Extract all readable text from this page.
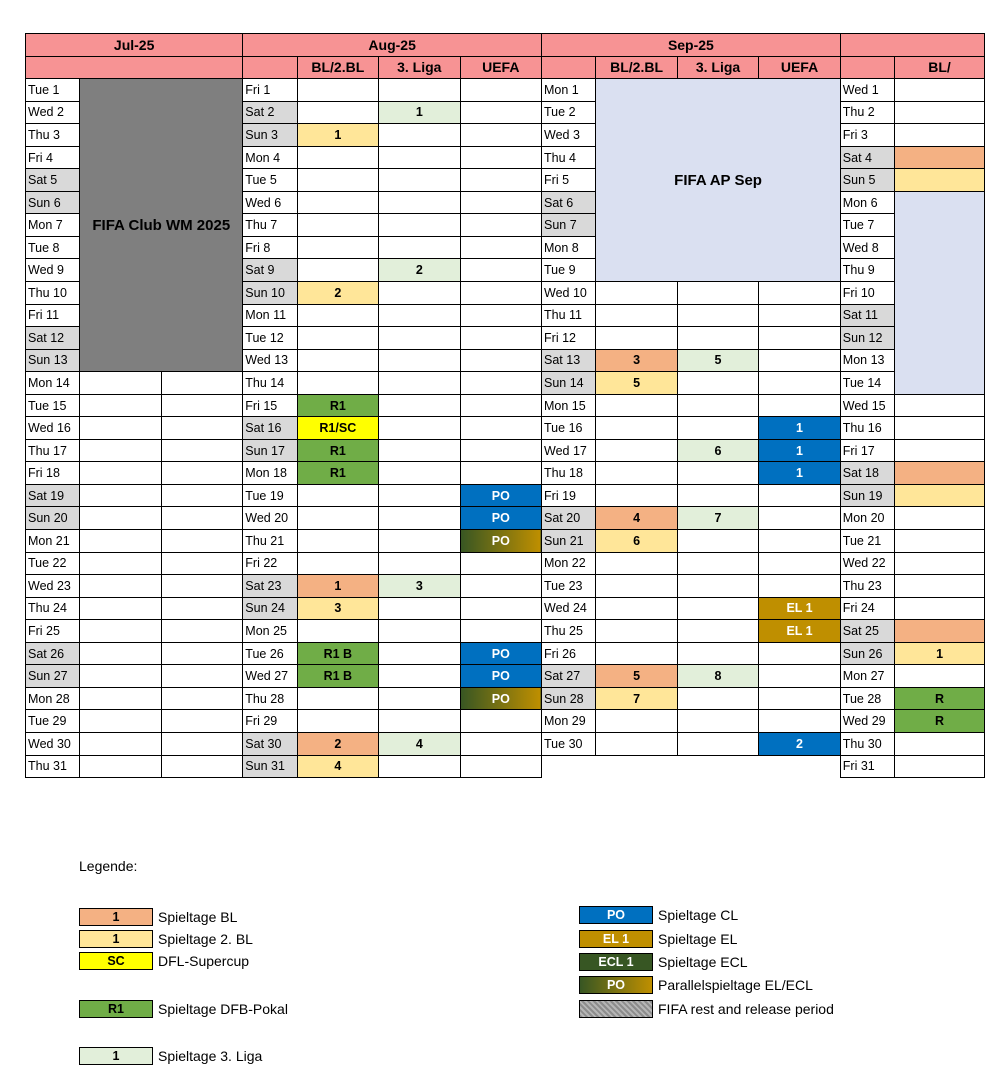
Jul-25			Aug-25				Sep-25					
				BL/2.BL	3. Liga	UEFA		BL/2.BL	3. Liga	UEFA		BL/
Tue 1	FIFA Club WM 2025		Fri 1				Mon 1	FIFA AP Sep			Wed 1	
Wed 2			Sat 2		1		Tue 2				Thu 2	
Thu 3			Sun 3	1			Wed 3				Fri 3	
Fri 4			Mon 4				Thu 4				Sat 4	
Sat 5			Tue 5				Fri 5				Sun 5	
Sun 6			Wed 6				Sat 6				Mon 6	
Mon 7			Thu 7				Sun 7				Tue 7	
Tue 8			Fri 8				Mon 8				Wed 8	
Wed 9			Sat 9		2		Tue 9				Thu 9	
Thu 10			Sun 10	2			Wed 10				Fri 10	
Fri 11			Mon 11				Thu 11				Sat 11	
Sat 12			Tue 12				Fri 12				Sun 12	
Sun 13			Wed 13				Sat 13	3	5		Mon 13	
Mon 14			Thu 14				Sun 14	5			Tue 14	
Tue 15			Fri 15	R1			Mon 15				Wed 15	
Wed 16			Sat 16	R1/SC			Tue 16			1	Thu 16	
Thu 17			Sun 17	R1			Wed 17		6	1	Fri 17	
Fri 18			Mon 18	R1			Thu 18			1	Sat 18	
Sat 19			Tue 19			PO	Fri 19				Sun 19	
Sun 20			Wed 20			PO	Sat 20	4	7		Mon 20	
Mon 21			Thu 21			PO	Sun 21	6			Tue 21	
Tue 22			Fri 22				Mon 22				Wed 22	
Wed 23			Sat 23	1	3		Tue 23				Thu 23	
Thu 24			Sun 24	3			Wed 24			EL 1	Fri 24	
Fri 25			Mon 25				Thu 25			EL 1	Sat 25	
Sat 26			Tue 26	R1 B		PO	Fri 26				Sun 26	1
Sun 27			Wed 27	R1 B		PO	Sat 27	5	8		Mon 27	
Mon 28			Thu 28			PO	Sun 28	7			Tue 28	R
Tue 29			Fri 29				Mon 29				Wed 29	R
Wed 30			Sat 30	2	4		Tue 30			2	Thu 30	
Thu 31			Sun 31	4							Fri 31	
Legende:
1	Spieltage BL
1	Spieltage 2. BL
SC	DFL-Supercup
R1	Spieltage DFB-Pokal
1	Spieltage 3. Liga
PO	Spieltage CL
EL 1	Spieltage EL
ECL 1	Spieltage ECL
PO	Parallelspieltage EL/ECL
FIFA rest and release period
